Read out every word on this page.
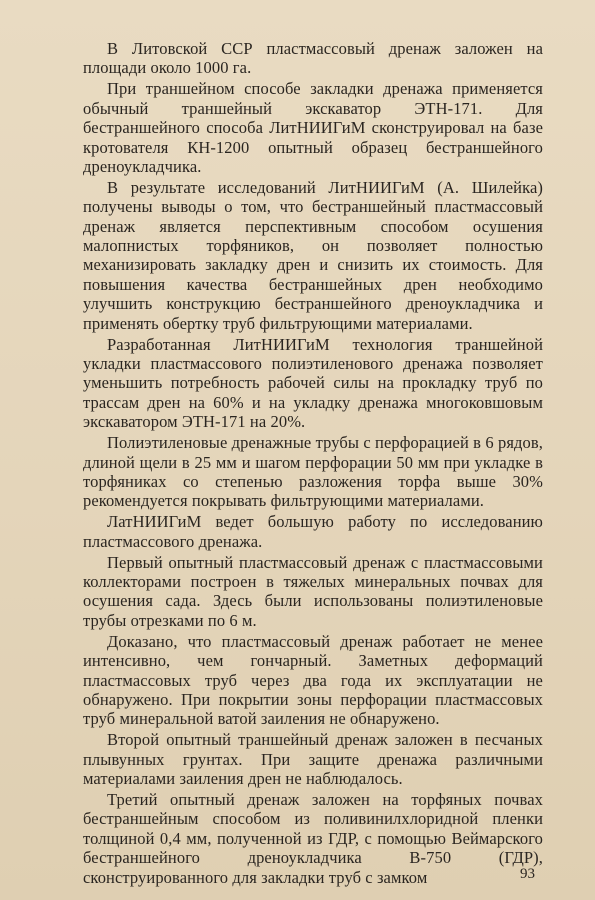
В Литовской ССР пластмассовый дренаж заложен на площади около 1000 га.

При траншейном способе закладки дренажа применяется обычный траншейный экскаватор ЭТН-171. Для бестраншейного способа ЛитНИИГиМ сконструировал на базе кротователя КН-1200 опытный образец бестраншейного дреноукладчика.

В результате исследований ЛитНИИГиМ (А. Шилейка) получены выводы о том, что бестраншейный пластмассовый дренаж является перспективным способом осушения малопнистых торфяников, он позволяет полностью механизировать закладку дрен и снизить их стоимость. Для повышения качества бестраншейных дрен необходимо улучшить конструкцию бестраншейного дреноукладчика и применять обертку труб фильтрующими материалами.

Разработанная ЛитНИИГиМ технология траншейной укладки пластмассового полиэтиленового дренажа позволяет уменьшить потребность рабочей силы на прокладку труб по трассам дрен на 60% и на укладку дренажа многоковшовым экскаватором ЭТН-171 на 20%.

Полиэтиленовые дренажные трубы с перфорацией в 6 рядов, длиной щели в 25 мм и шагом перфорации 50 мм при укладке в торфяниках со степенью разложения торфа выше 30% рекомендуется покрывать фильтрующими материалами.

ЛатНИИГиМ ведет большую работу по исследованию пластмассового дренажа.

Первый опытный пластмассовый дренаж с пластмассовыми коллекторами построен в тяжелых минеральных почвах для осушения сада. Здесь были использованы полиэтиленовые трубы отрезками по 6 м.

Доказано, что пластмассовый дренаж работает не менее интенсивно, чем гончарный. Заметных деформаций пластмассовых труб через два года их эксплуатации не обнаружено. При покрытии зоны перфорации пластмассовых труб минеральной ватой заиления не обнаружено.

Второй опытный траншейный дренаж заложен в песчаных плывунных грунтах. При защите дренажа различными материалами заиления дрен не наблюдалось.

Третий опытный дренаж заложен на торфяных почвах бестраншейным способом из поливинилхлоридной пленки толщиной 0,4 мм, полученной из ГДР, с помощью Веймарского бестраншейного дреноукладчика В-750 (ГДР), сконструированного для закладки труб с замком	93
